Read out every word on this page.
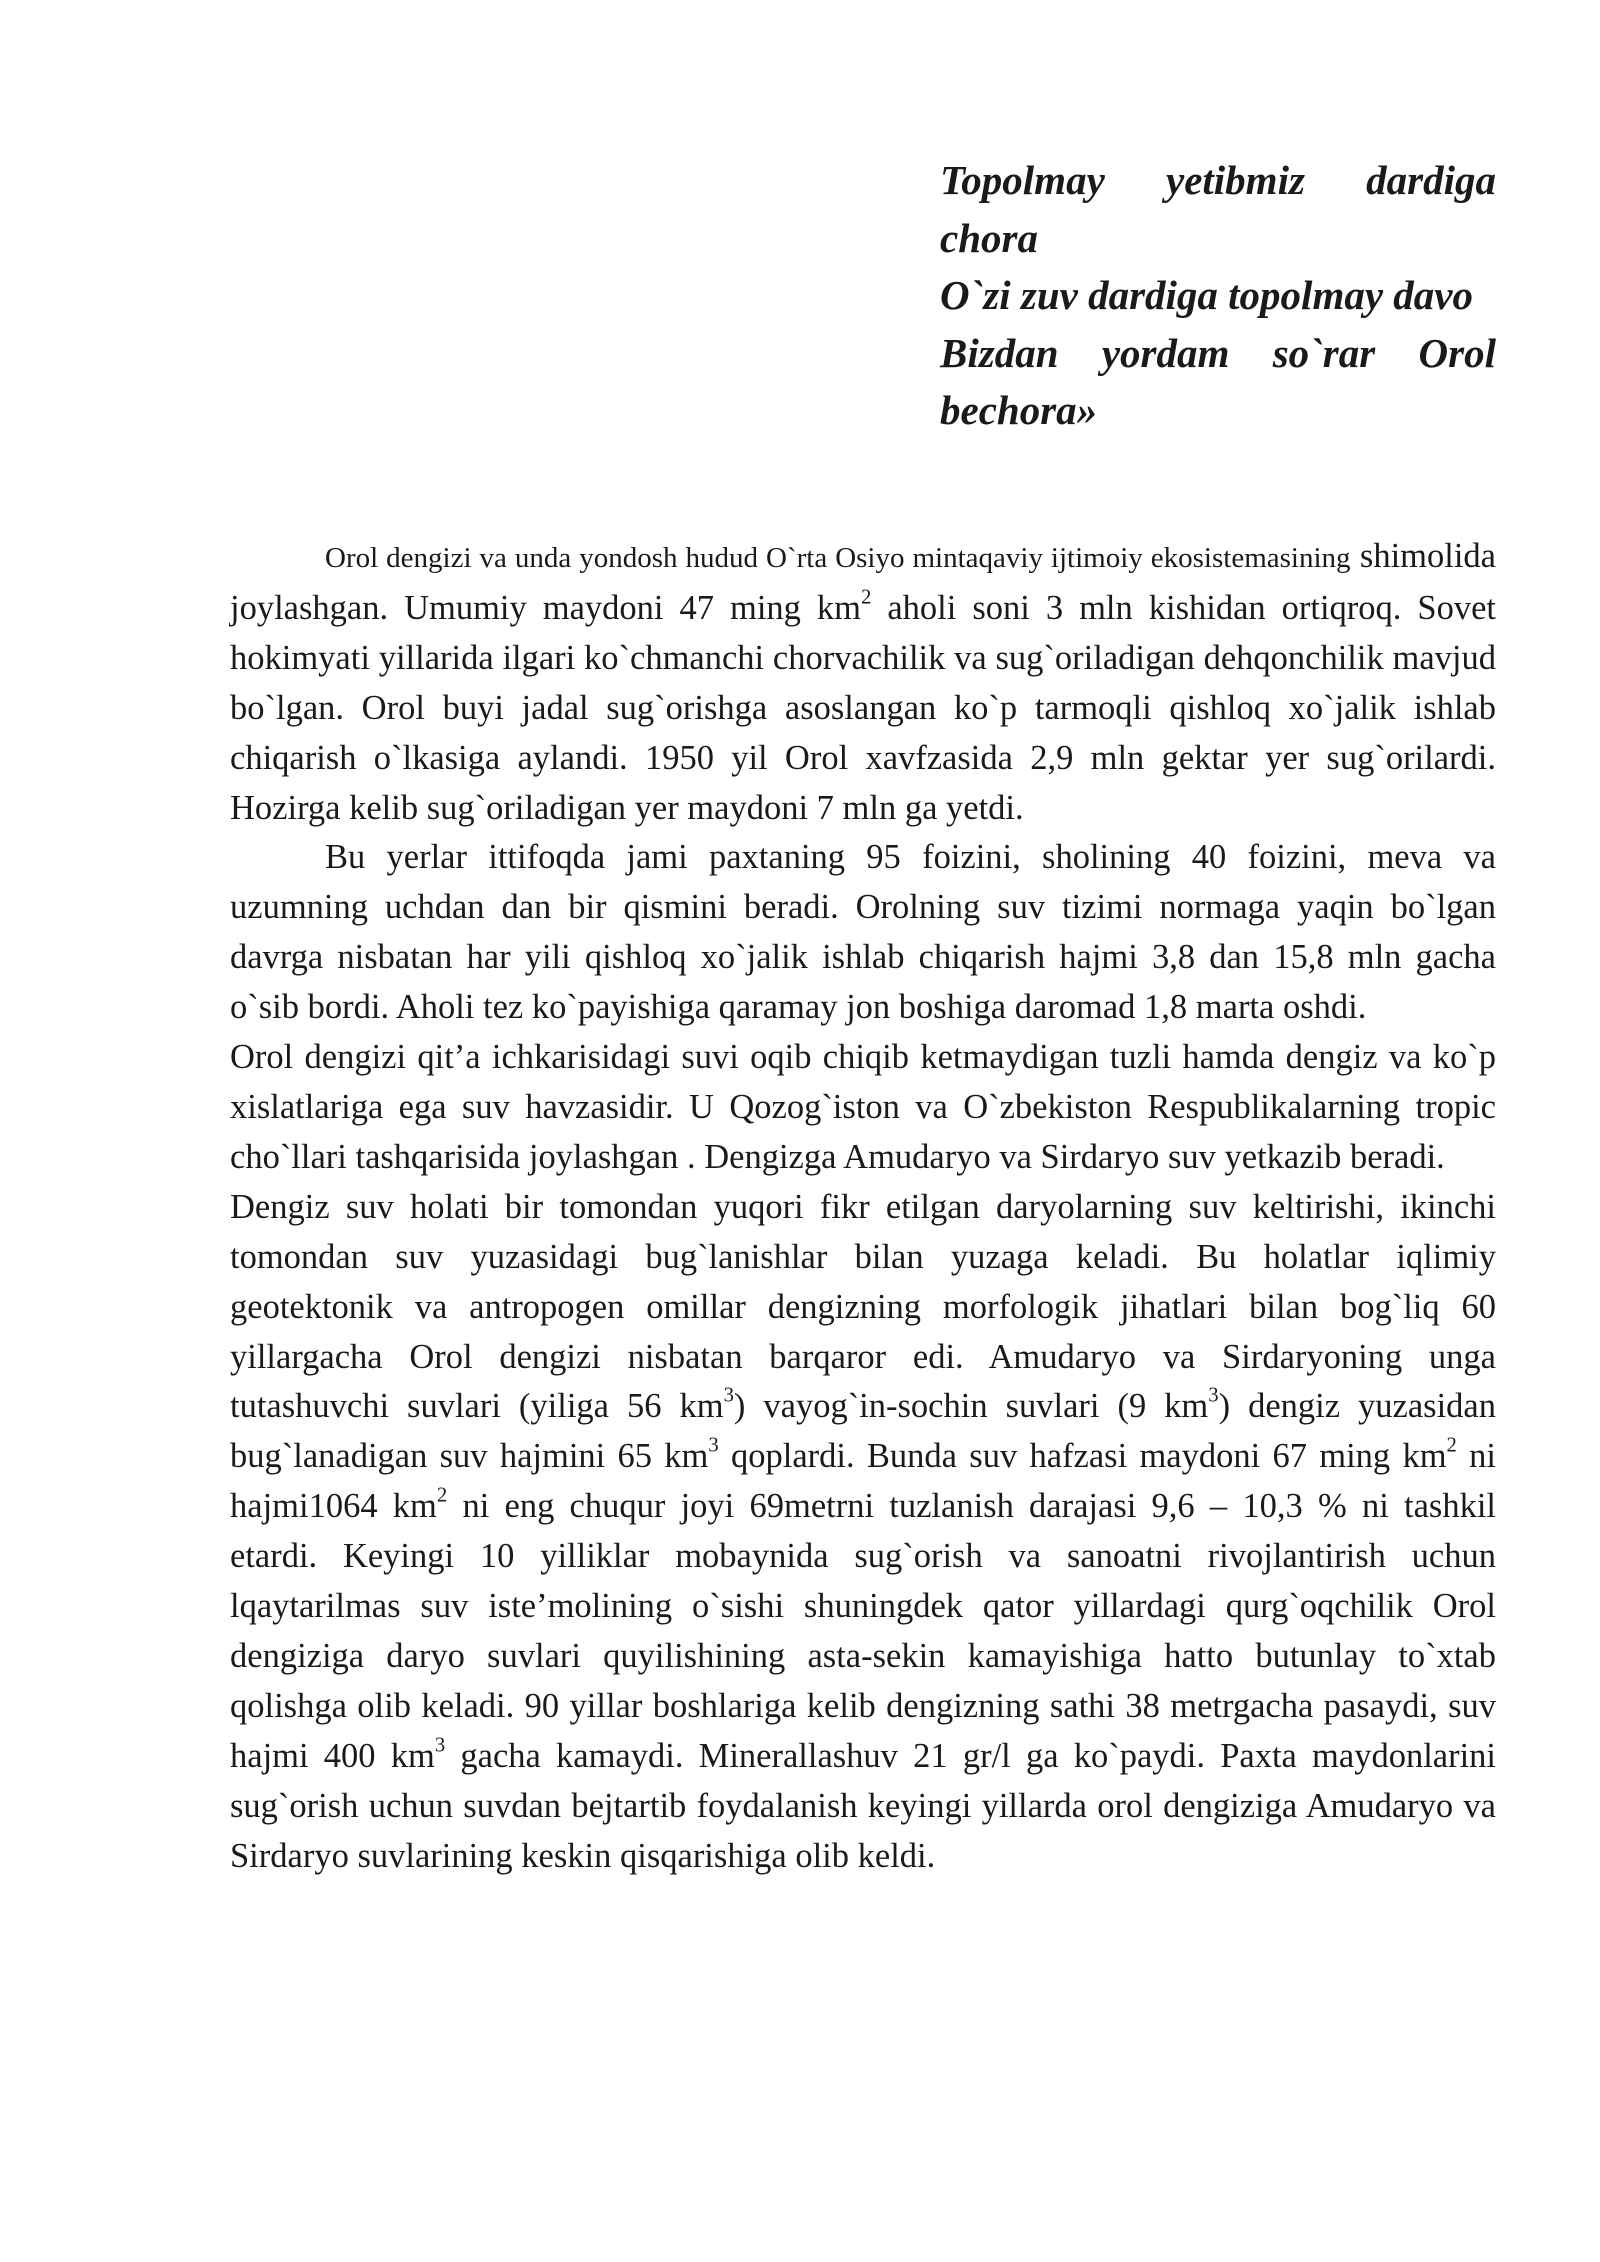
Topolmay yetibmiz dardiga chora
O`zi zuv dardiga topolmay davo
Bizdan yordam so`rar Orol bechora»

Orol dengizi va unda yondosh hudud O`rta Osiyo mintaqaviy ijtimoiy ekosistemasining shimolida joylashgan. Umumiy maydoni 47 ming $km^2$ aholi soni 3 mln kishidan ortiqroq. Sovet hokimyati yillarida ilgari ko`chmanchi chorvachilik va sug`oriladigan dehqonchilik mavjud bo`lgan. Orol buyi jadal sug`orishga asoslangan ko`p tarmoqli qishloq xo`jalik ishlab chiqarish o`lkasiga aylandi. 1950 yil Orol xavfzasida 2,9 mln gektar yer sug`orilardi. Hozirga kelib sug`oriladigan yer maydoni 7 mln ga yetdi.

Bu yerlar ittifoqda jami paxtaning 95 foizini, sholining 40 foizini, meva va uzumning uchdan dan bir qismini beradi. Orolning suv tizimi normaga yaqin bo`lgan davrga nisbatan har yili qishloq xo`jalik ishlab chiqarish hajmi 3,8 dan 15,8 mln gacha o`sib bordi. Aholi tez ko`payishiga qaramay jon boshiga daromad 1,8 marta oshdi.

Orol dengizi qit’a ichkarisidagi suvi oqib chiqib ketmaydigan tuzli hamda dengiz va ko`p xislatlariga ega suv havzasidir. U Qozog`iston va O`zbekiston Respublikalarning tropic cho`llari tashqarisida joylashgan . Dengizga Amudaryo va Sirdaryo suv yetkazib beradi.

Dengiz suv holati bir tomondan yuqori fikr etilgan daryolarning suv keltirishi, ikinchi tomondan suv yuzasidagi bug`lanishlar bilan yuzaga keladi. Bu holatlar iqlimiy geotektonik va antropogen omillar dengizning morfologik jihatlari bilan bog`liq 60 yillargacha Orol dengizi nisbatan barqaror edi. Amudaryo va Sirdaryoning unga tutashuvchi suvlari (yiliga 56 $km^3$) vayog`in-sochin suvlari (9 $km^3$) dengiz yuzasidan bug`lanadigan suv hajmini 65 $km^3$ qoplardi. Bunda suv hafzasi maydoni 67 ming $km^2$ ni hajmi1064 $km^2$ ni eng chuqur joyi 69metrni tuzlanish darajasi 9,6 – 10,3 % ni tashkil etardi. Keyingi 10 yilliklar mobaynida sug`orish va sanoatni rivojlantirish uchun lqaytarilmas suv iste’molining o`sishi shuningdek qator yillardagi qurg`oqchilik Orol dengiziga daryo suvlari quyilishining asta-sekin kamayishiga hatto butunlay to`xtab qolishga olib keladi. 90 yillar boshlariga kelib dengizning sathi 38 metrgacha pasaydi, suv hajmi 400 $km^3$ gacha kamaydi. Minerallashuv 21 gr/l ga ko`paydi. Paxta maydonlarini sug`orish uchun suvdan bejtartib foydalanish keyingi yillarda orol dengiziga Amudaryo va Sirdaryo suvlarining keskin qisqarishiga olib keldi.
